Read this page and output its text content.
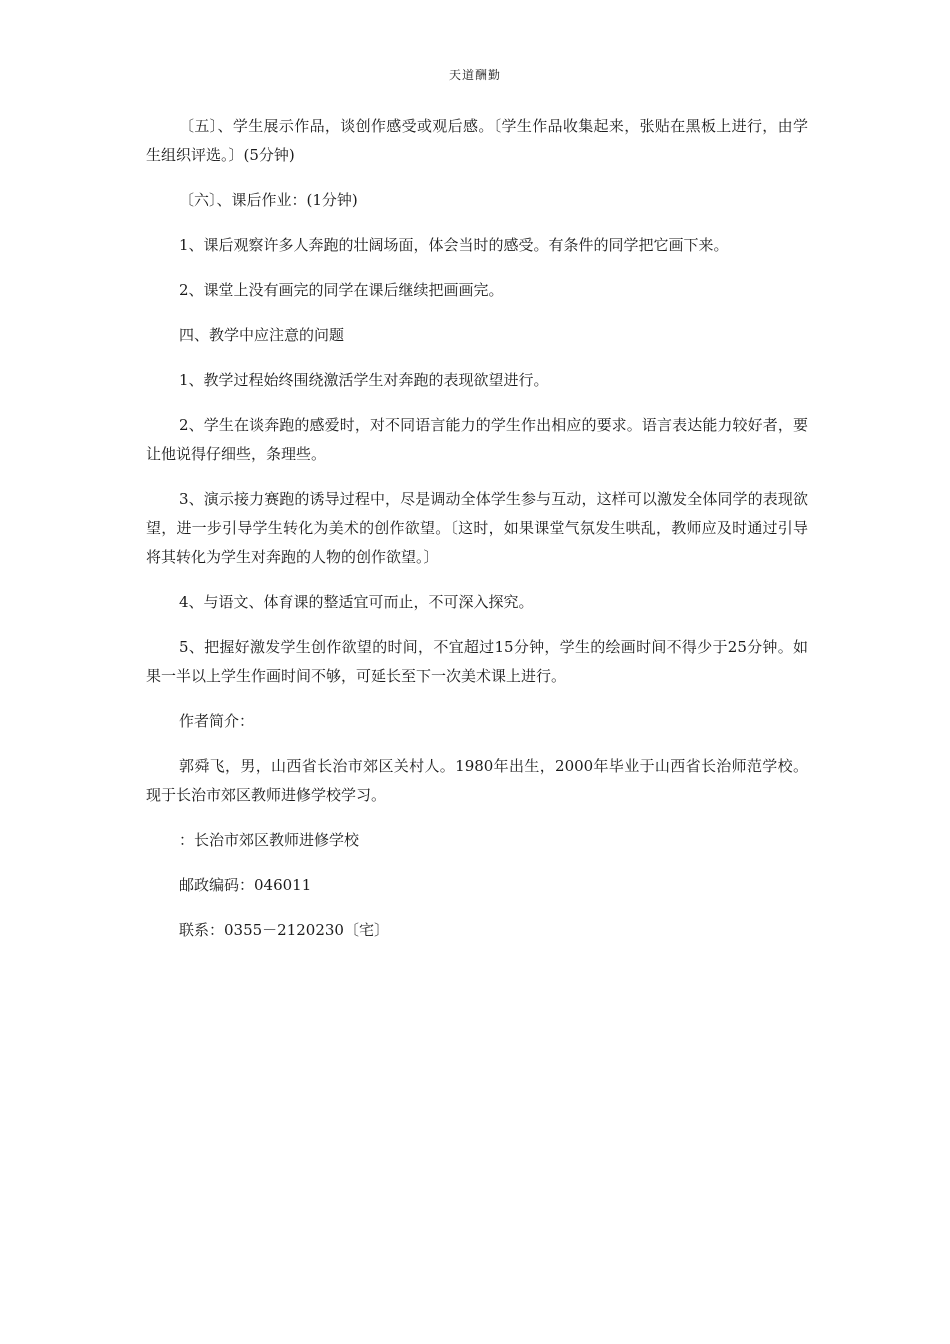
天道酬勤

〔五〕、学生展示作品，谈创作感受或观后感。〔学生作品收集起来，张贴在黑板上进行，由学生组织评选。〕(5分钟)

〔六〕、课后作业：(1分钟)

1、课后观察许多人奔跑的壮阔场面，体会当时的感受。有条件的同学把它画下来。

2、课堂上没有画完的同学在课后继续把画画完。

四、教学中应注意的问题

1、教学过程始终围绕激活学生对奔跑的表现欲望进行。

2、学生在谈奔跑的感爱时，对不同语言能力的学生作出相应的要求。语言表达能力较好者，要让他说得仔细些，条理些。

3、演示接力赛跑的诱导过程中，尽是调动全体学生参与互动，这样可以激发全体同学的表现欲望，进一步引导学生转化为美术的创作欲望。〔这时，如果课堂气氛发生哄乱，教师应及时通过引导将其转化为学生对奔跑的人物的创作欲望。〕

4、与语文、体育课的整适宜可而止，不可深入探究。

5、把握好激发学生创作欲望的时间，不宜超过15分钟，学生的绘画时间不得少于25分钟。如果一半以上学生作画时间不够，可延长至下一次美术课上进行。

作者简介：

郭舜飞，男，山西省长治市郊区关村人。1980年出生，2000年毕业于山西省长治师范学校。现于长治市郊区教师进修学校学习。

：长治市郊区教师进修学校

邮政编码：046011

联系：0355－2120230〔宅〕
